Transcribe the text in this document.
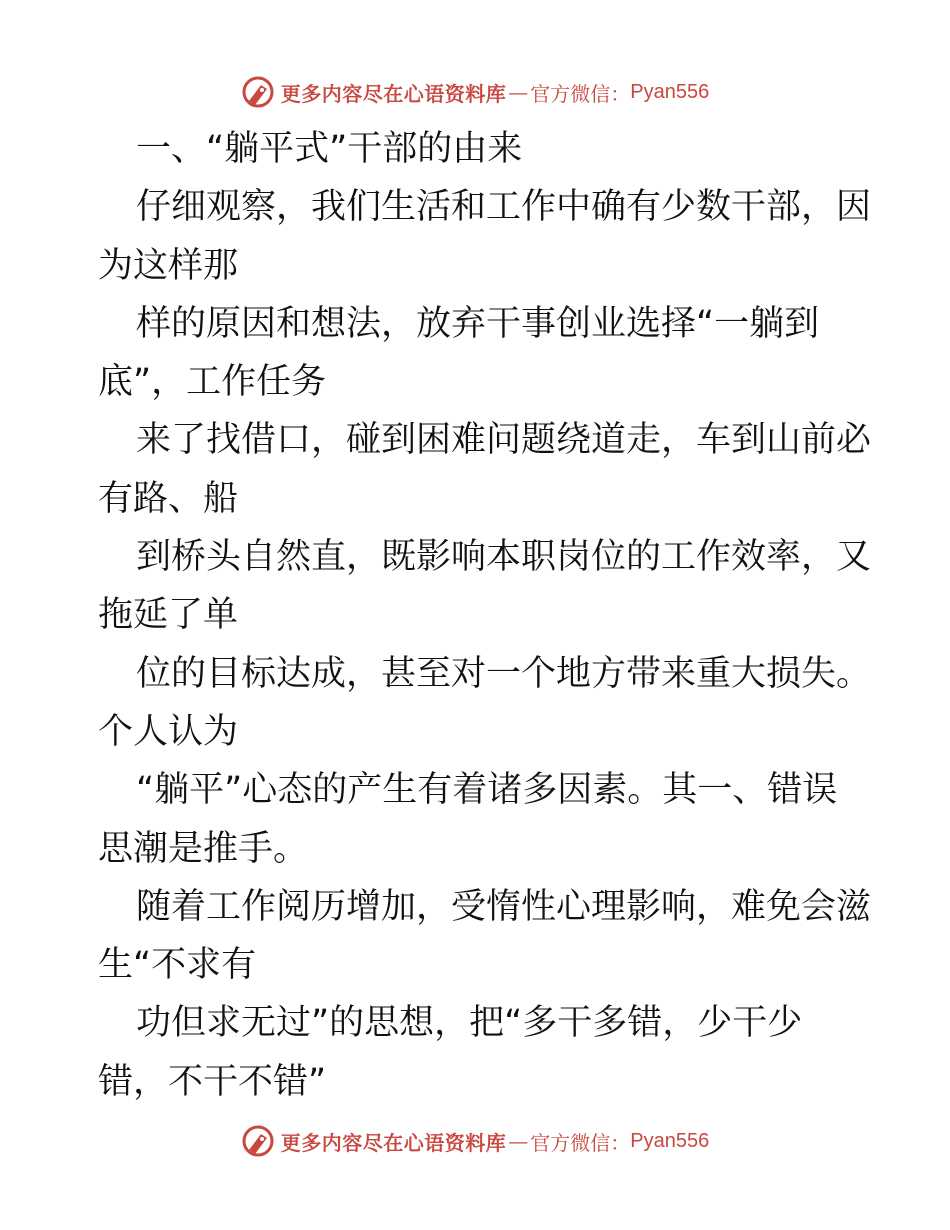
更多内容尽在心语资料库 — 官方微信： Pyan556
一、“躺平式”干部的由来
仔细观察，我们生活和工作中确有少数干部，因
为这样那
样的原因和想法，放弃干事创业选择“一躺到
底”，工作任务
来了找借口，碰到困难问题绕道走，车到山前必
有路、船
到桥头自然直，既影响本职岗位的工作效率，又
拖延了单
位的目标达成，甚至对一个地方带来重大损失。
个人认为
“躺平”心态的产生有着诸多因素。其一、错误
思潮是推手。
随着工作阅历增加，受惰性心理影响，难免会滋
生“不求有
功但求无过”的思想，把“多干多错，少干少
错，不干不错”
更多内容尽在心语资料库 — 官方微信： Pyan556
